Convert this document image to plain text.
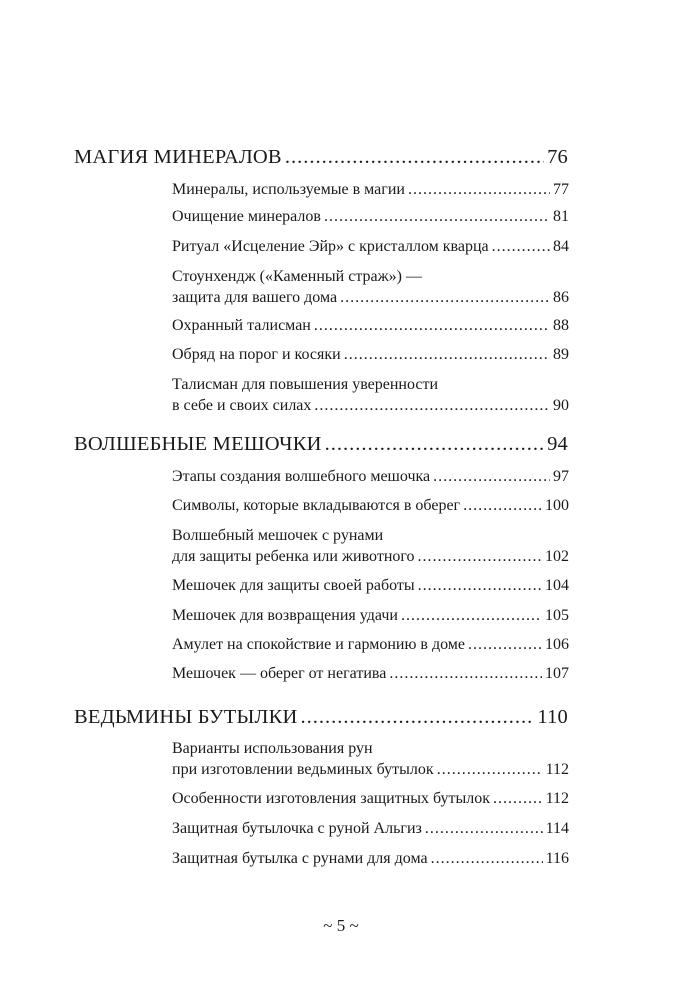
МАГИЯ МИНЕРАЛОВ .....	76
Минералы, используемые в магии .....	77
Очищение минералов .....	81
Ритуал «Исцеление Эйр» с кристаллом кварца .....	84
Стоунхендж («Каменный страж») —
защита для вашего дома .....	86
Охранный талисман .....	88
Обряд на порог и косяки .....	89
Талисман для повышения уверенности
в себе и своих силах .....	90
ВОЛШЕБНЫЕ МЕШОЧКИ .....	94
Этапы создания волшебного мешочка .....	97
Символы, которые вкладываются в оберег .....	100
Волшебный мешочек с рунами
для защиты ребенка или животного .....	102
Мешочек для защиты своей работы .....	104
Мешочек для возвращения удачи .....	105
Амулет на спокойствие и гармонию в доме .....	106
Мешочек — оберег от негатива .....	107
ВЕДЬМИНЫ БУТЫЛКИ .....	110
Варианты использования рун
при изготовлении ведьминых бутылок .....	112
Особенности изготовления защитных бутылок .....	112
Защитная бутылочка с руной Альгиз .....	114
Защитная бутылка с рунами для дома .....	116
~ 5 ~
